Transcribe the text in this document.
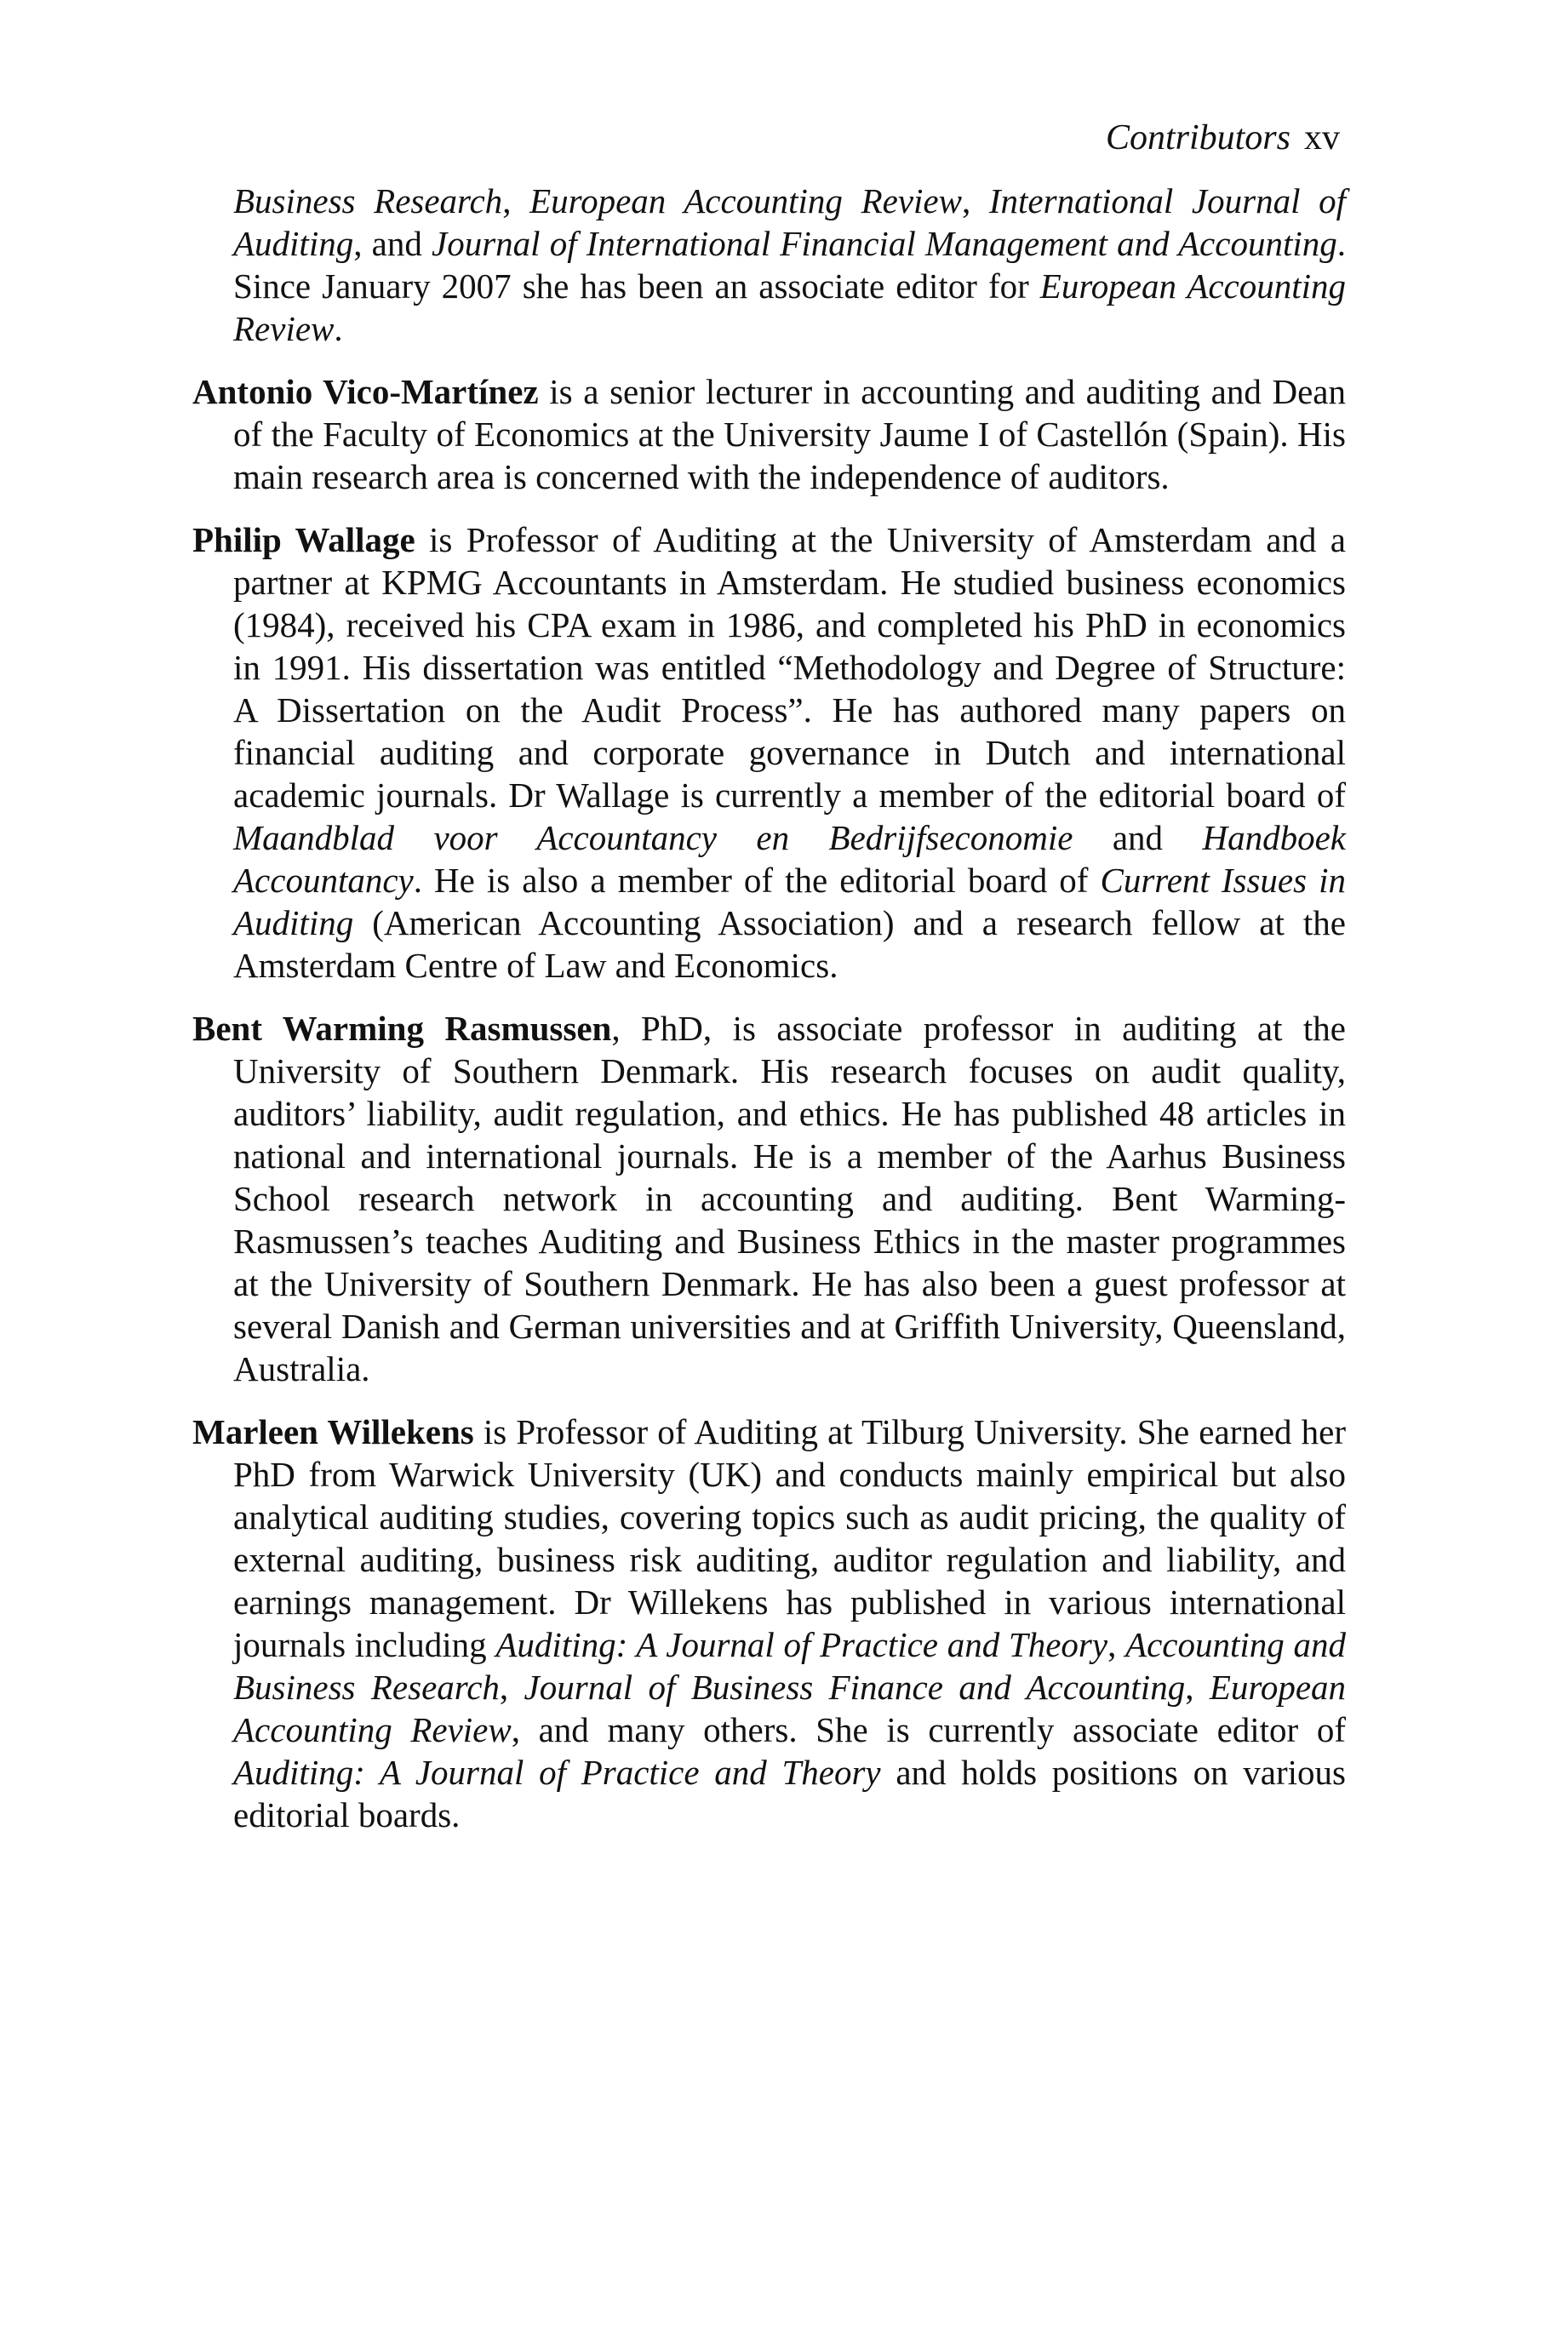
Contributors xv

Business Research, European Accounting Review, International Journal of Auditing, and Journal of International Financial Management and Accounting. Since January 2007 she has been an associate editor for European Accounting Review.

Antonio Vico-Martínez is a senior lecturer in accounting and auditing and Dean of the Faculty of Economics at the University Jaume I of Castellón (Spain). His main research area is concerned with the independence of auditors.

Philip Wallage is Professor of Auditing at the University of Amsterdam and a partner at KPMG Accountants in Amsterdam. He studied business economics (1984), received his CPA exam in 1986, and completed his PhD in economics in 1991. His dissertation was entitled “Methodology and Degree of Structure: A Dissertation on the Audit Process”. He has authored many papers on financial auditing and corporate governance in Dutch and international academic journals. Dr Wallage is currently a member of the editorial board of Maandblad voor Accountancy en Bedrijfseconomie and Handboek Accountancy. He is also a member of the editorial board of Current Issues in Auditing (American Accounting Association) and a research fellow at the Amsterdam Centre of Law and Economics.

Bent Warming Rasmussen, PhD, is associate professor in auditing at the University of Southern Denmark. His research focuses on audit quality, auditors’ liability, audit regulation, and ethics. He has published 48 articles in national and international journals. He is a member of the Aarhus Business School research network in accounting and auditing. Bent Warming-Rasmussen’s teaches Auditing and Business Ethics in the master programmes at the University of Southern Denmark. He has also been a guest professor at several Danish and German universities and at Griffith University, Queensland, Australia.

Marleen Willekens is Professor of Auditing at Tilburg University. She earned her PhD from Warwick University (UK) and conducts mainly empirical but also analytical auditing studies, covering topics such as audit pricing, the quality of external auditing, business risk auditing, auditor regulation and liability, and earnings management. Dr Willekens has published in various international journals including Auditing: A Journal of Practice and Theory, Accounting and Business Research, Journal of Business Finance and Accounting, European Accounting Review, and many others. She is currently associate editor of Auditing: A Journal of Practice and Theory and holds positions on various editorial boards.
